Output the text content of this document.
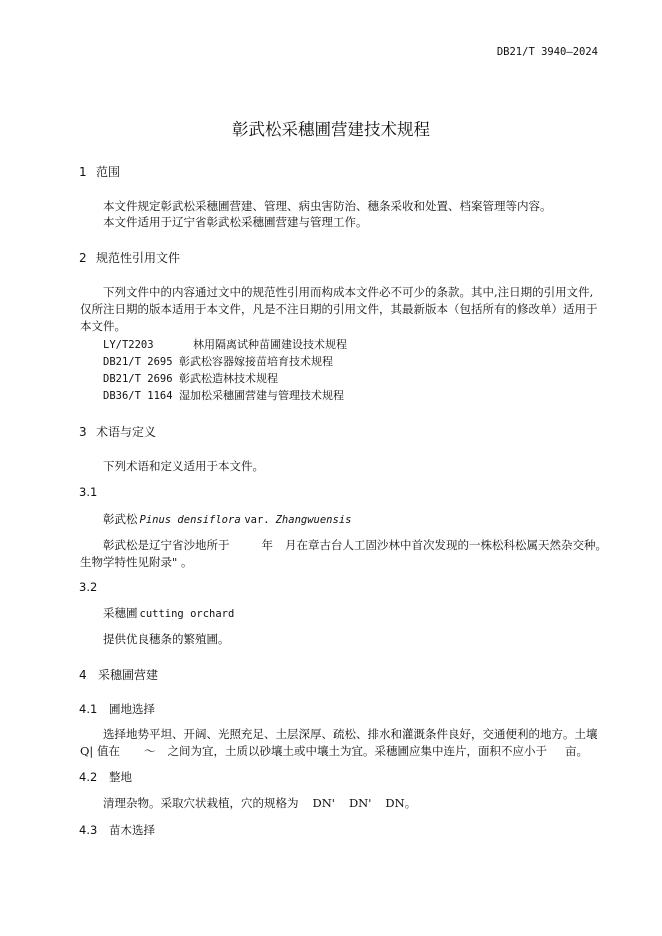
DB21/T 3940—2024
彰武松采穗圃营建技术规程
1 范围
本文件规定彰武松采穗圃营建、管理、病虫害防治、穗条采收和处置、档案管理等内容。
本文件适用于辽宁省彰武松采穗圃营建与管理工作。
2 规范性引用文件
下列文件中的内容通过文中的规范性引用而构成本文件必不可少的条款。其中,注日期的引用文件,
仅所注日期的版本适用于本文件，凡是不注日期的引用文件，其最新版本（包括所有的修改单）适用于
本文件。
LY/T2203	林用隔离试种苗圃建设技术规程
DB21/T 2695 彰武松容器嫁接苗培育技术规程
DB21/T 2696 彰武松造林技术规程
DB36/T 1164 湿加松采穗圃营建与管理技术规程
3 术语与定义
下列术语和定义适用于本文件。
3.1
彰武松 Pinus densiflora var. Zhangwuensis
彰武松是辽宁省沙地所于	年 月在章古台人工固沙林中首次发现的一株松科松属天然杂交种。
生物学特性见附录" 。
3.2
采穗圃 cutting orchard
提供优良穗条的繁殖圃。
4 采穗圃营建
4.1 圃地选择
选择地势平坦、开阔、光照充足、土层深厚、疏松、排水和灌溉条件良好，交通便利的地方。土壤
Q| 值在 ～ 之间为宜，土质以砂壤土或中壤土为宜。采穗圃应集中连片，面积不应小于 亩。
4.2 整地
清理杂物。采取穴状栽植，穴的规格为 DN' DN' DN。
4.3 苗木选择
